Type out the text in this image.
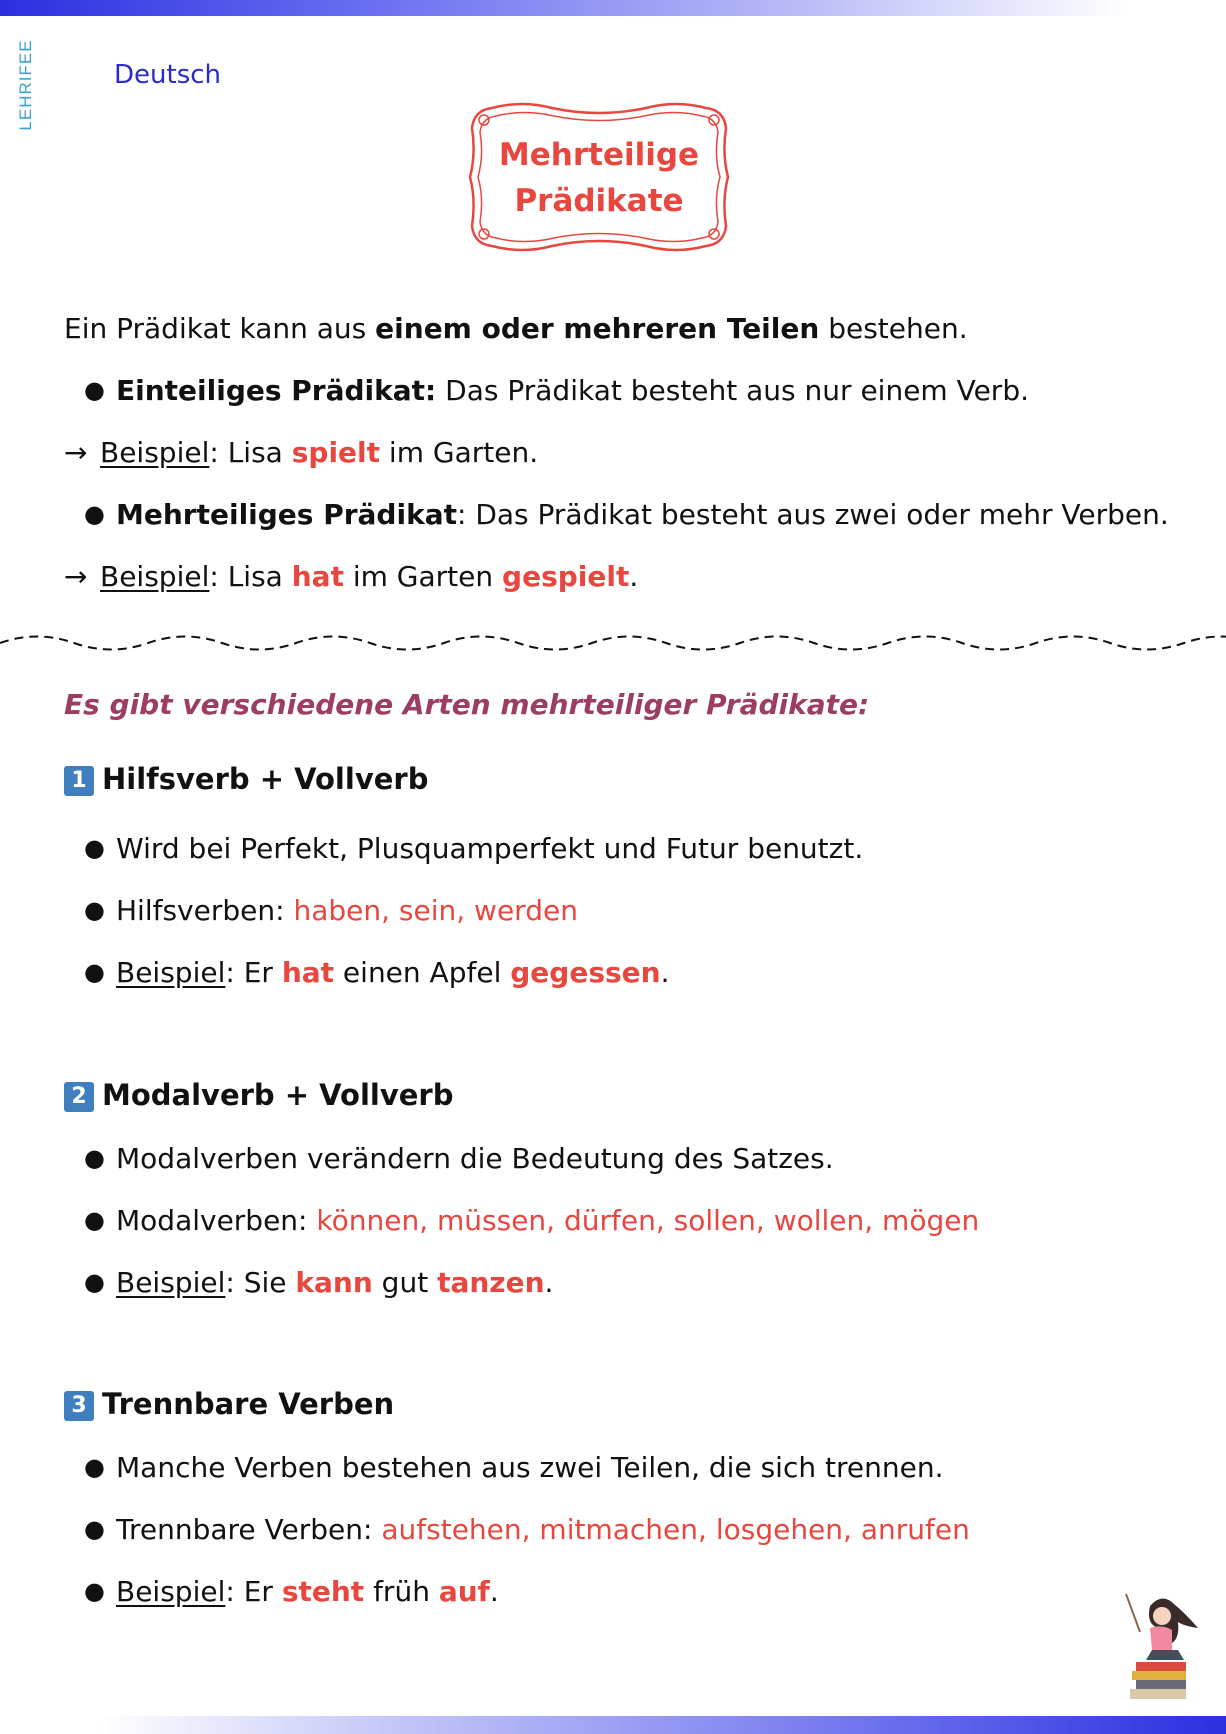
LEHRIFEE	Deutsch
Mehrteilige
Prädikate
Ein Prädikat kann aus einem oder mehreren Teilen bestehen.
● Einteiliges Prädikat: Das Prädikat besteht aus nur einem Verb.
→ Beispiel: Lisa spielt im Garten.
● Mehrteiliges Prädikat: Das Prädikat besteht aus zwei oder mehr Verben.
→ Beispiel: Lisa hat im Garten gespielt.
Es gibt verschiedene Arten mehrteiliger Prädikate:
1 Hilfsverb + Vollverb
● Wird bei Perfekt, Plusquamperfekt und Futur benutzt.
● Hilfsverben: haben, sein, werden
● Beispiel: Er hat einen Apfel gegessen.
2 Modalverb + Vollverb
● Modalverben verändern die Bedeutung des Satzes.
● Modalverben: können, müssen, dürfen, sollen, wollen, mögen
● Beispiel: Sie kann gut tanzen.
3 Trennbare Verben
● Manche Verben bestehen aus zwei Teilen, die sich trennen.
● Trennbare Verben: aufstehen, mitmachen, losgehen, anrufen
● Beispiel: Er steht früh auf.
